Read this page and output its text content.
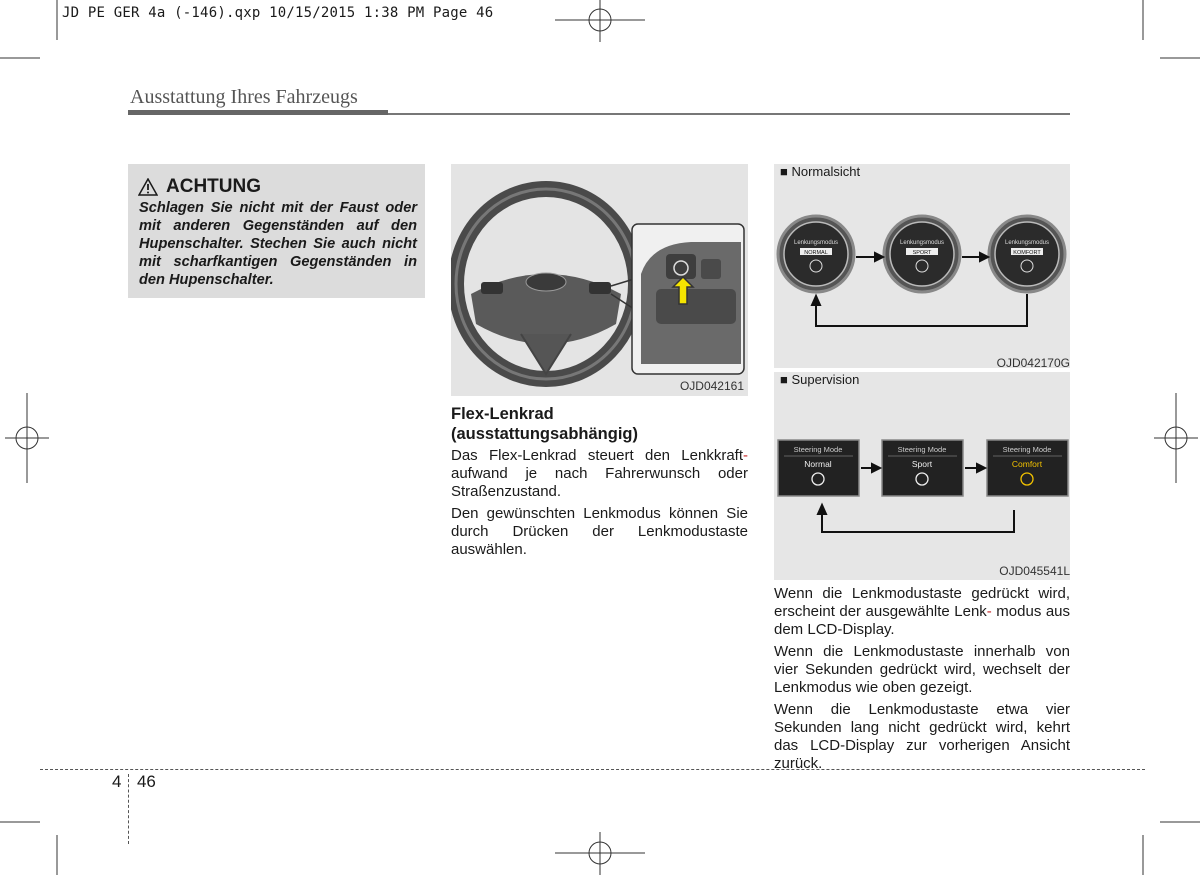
JD PE GER 4a (-146).qxp 10/15/2015 1:38 PM Page 46
Ausstattung Ihres Fahrzeugs
ACHTUNG
Schlagen Sie nicht mit der Faust oder mit anderen Gegenständen auf den Hupenschalter. Stechen Sie auch nicht mit scharfkantigen Gegenständen in den Hupenschalter.
OJD042161
Flex-Lenkrad
(ausstattungsabhängig)

Das Flex-Lenkrad steuert den Lenkkraft- aufwand je nach Fahrerwunsch oder Straßenzustand.

Den gewünschten Lenkmodus können Sie durch Drücken der Lenkmodustaste auswählen.

■ Normalsicht
Lenkungsmodus
NORMAL
Lenkungsmodus
SPORT
Lenkungsmodus
KOMFORT
OJD042170G
■ Supervision
Steering Mode
Normal
Steering Mode
Sport
Steering Mode
Comfort
OJD045541L

Wenn die Lenkmodustaste gedrückt wird, erscheint der ausgewählte Lenk- modus aus dem LCD-Display.

Wenn die Lenkmodustaste innerhalb von vier Sekunden gedrückt wird, wechselt der Lenkmodus wie oben gezeigt.

Wenn die Lenkmodustaste etwa vier Sekunden lang nicht gedrückt wird, kehrt das LCD-Display zur vorherigen Ansicht zurück.

4 46
